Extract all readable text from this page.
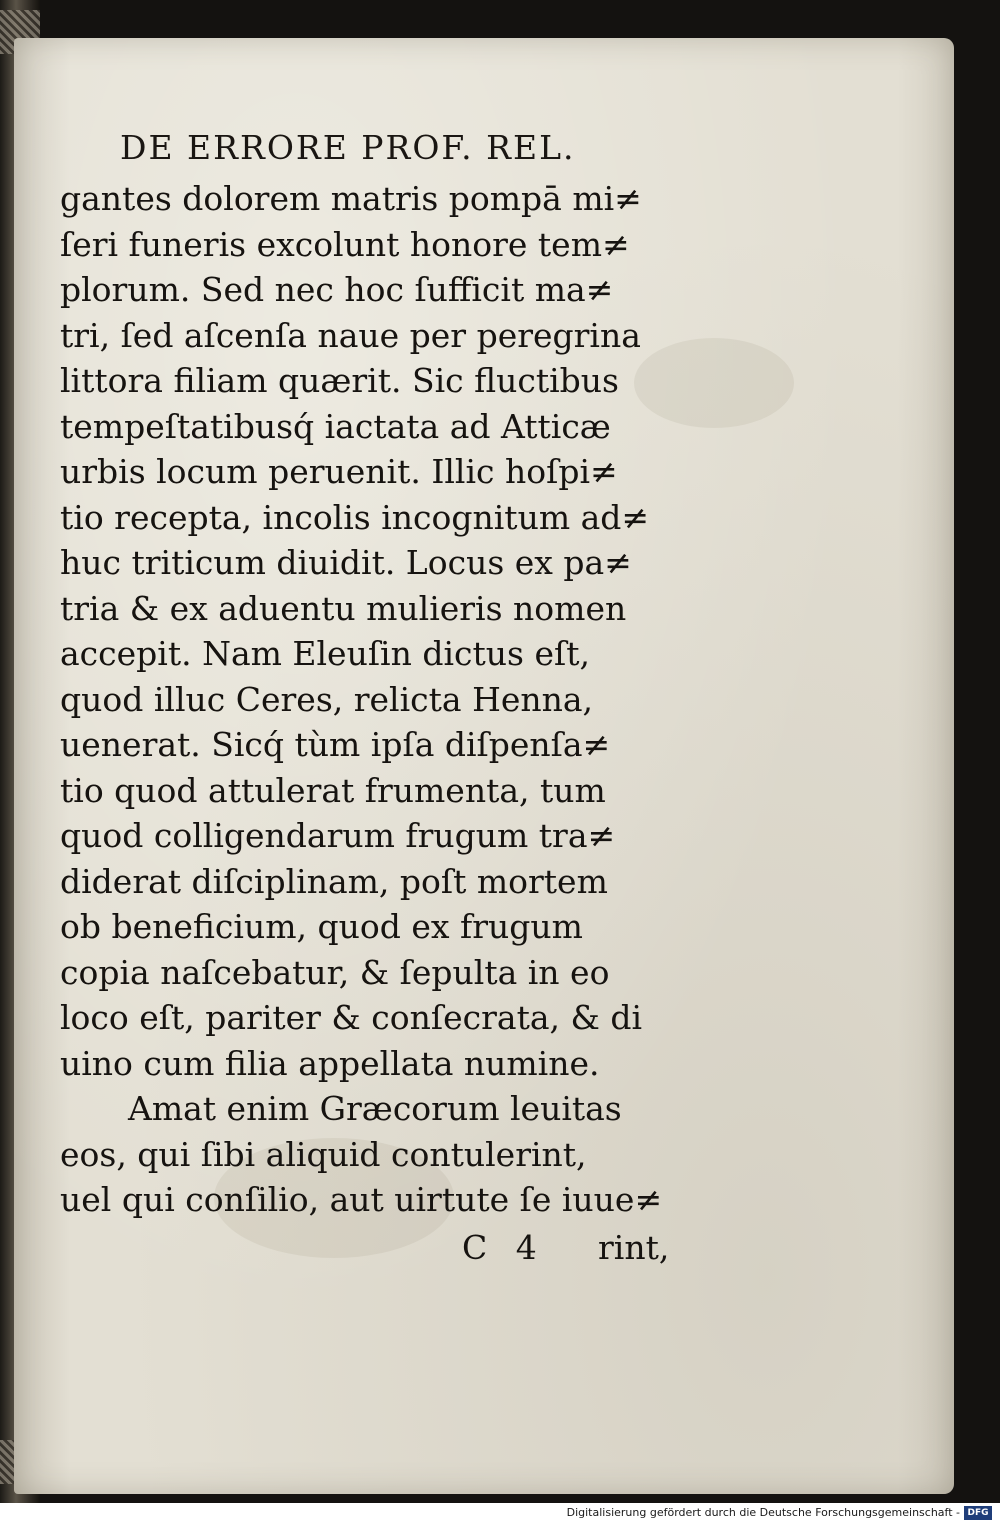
DE ERRORE PROF. REL.
gantes dolorem matris pompā mi≠
ſeri funeris excolunt honore tem≠
plorum. Sed nec hoc ſufficit ma≠
tri, ſed aſcenſa naue per peregrina
littora filiam quærit. Sic fluctibus
tempeſtatibusq́ iactata ad Atticæ
urbis locum peruenit. Illic hoſpi≠
tio recepta, incolis incognitum ad≠
huc triticum diuidit. Locus ex pa≠
tria & ex aduentu mulieris nomen
accepit. Nam Eleuſin dictus eſt,
quod illuc Ceres, relicta Henna,
uenerat. Sicq́ tùm ipſa diſpenſa≠
tio quod attulerat frumenta, tum
quod colligendarum frugum tra≠
diderat diſciplinam, poſt mortem
ob beneficium, quod ex frugum
copia naſcebatur, & ſepulta in eo
loco eſt, pariter & conſecrata, & di
uino cum filia appellata numine.
Amat enim Græcorum leuitas
eos, qui ſibi aliquid contulerint,
uel qui conſilio, aut uirtute ſe iuue≠
C 4 rint,
Digitalisierung gefördert durch die Deutsche Forschungsgemeinschaft - DFG
